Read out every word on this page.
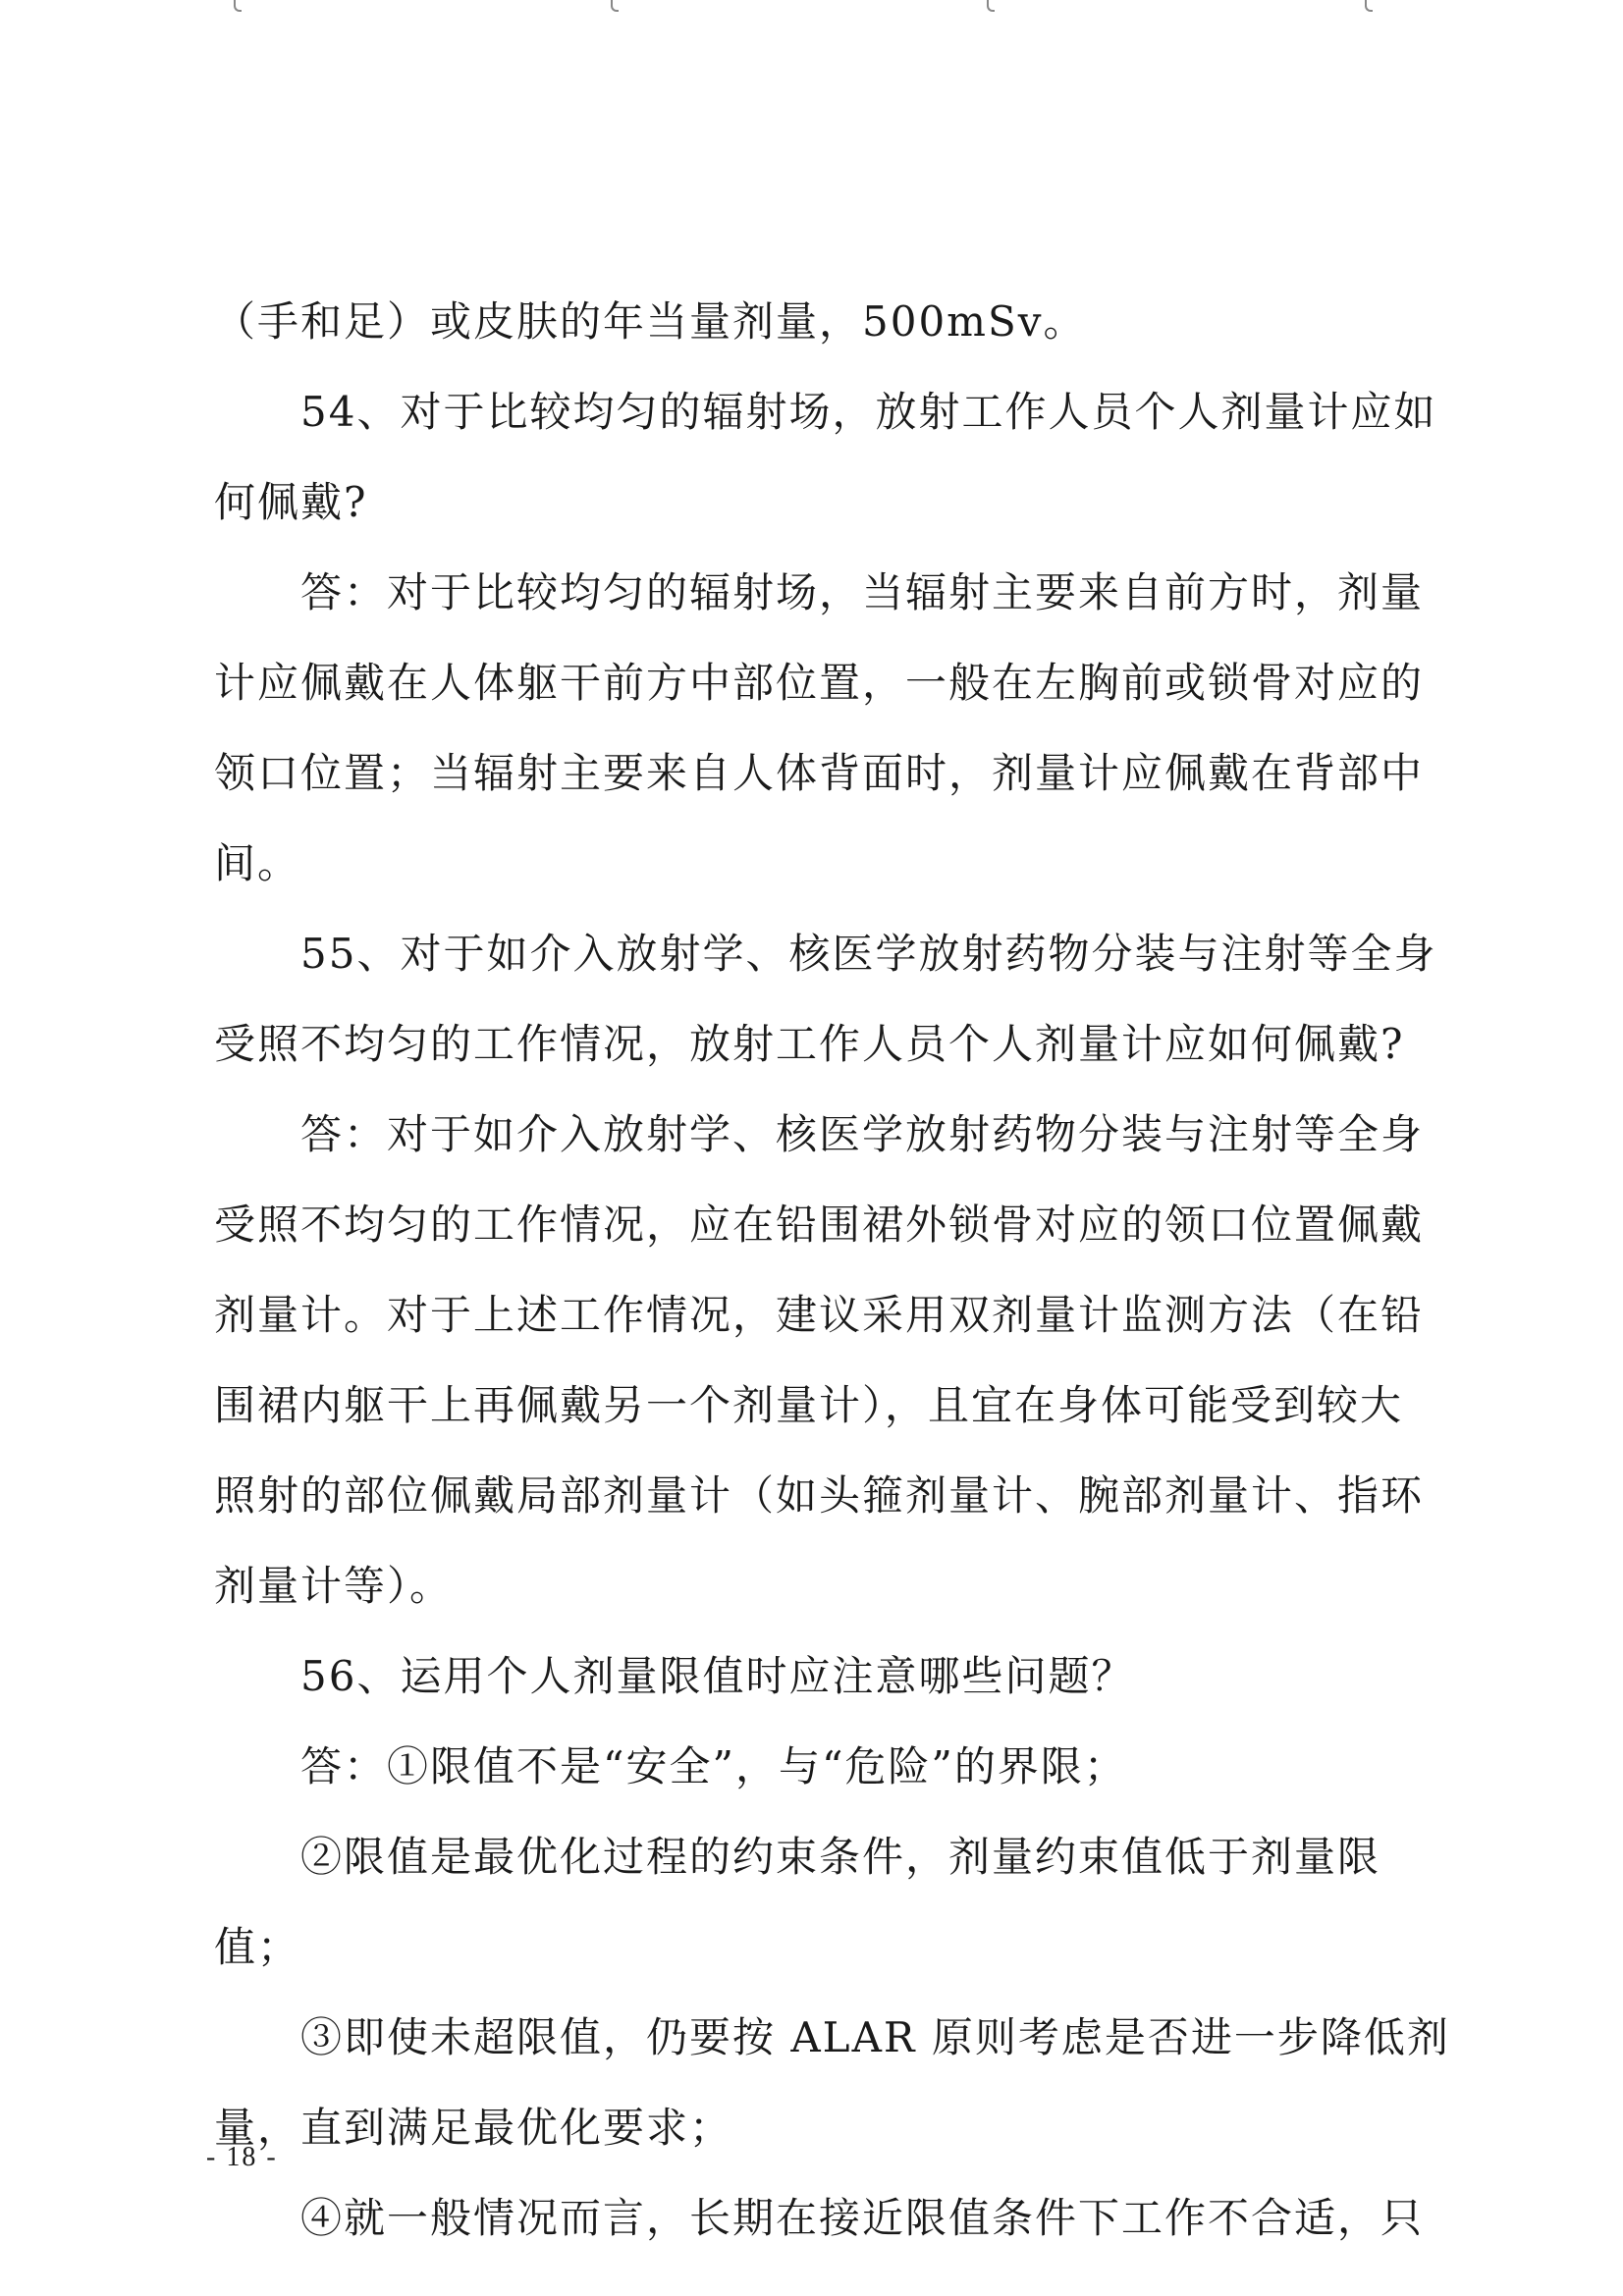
（手和足）或皮肤的年当量剂量，500mSv。
54、对于比较均匀的辐射场，放射工作人员个人剂量计应如
何佩戴?
答：对于比较均匀的辐射场，当辐射主要来自前方时，剂量
计应佩戴在人体躯干前方中部位置，一般在左胸前或锁骨对应的
领口位置；当辐射主要来自人体背面时，剂量计应佩戴在背部中
间。
55、对于如介入放射学、核医学放射药物分装与注射等全身
受照不均匀的工作情况，放射工作人员个人剂量计应如何佩戴?
答：对于如介入放射学、核医学放射药物分装与注射等全身
受照不均匀的工作情况，应在铅围裙外锁骨对应的领口位置佩戴
剂量计。对于上述工作情况，建议采用双剂量计监测方法（在铅
围裙内躯干上再佩戴另一个剂量计），且宜在身体可能受到较大
照射的部位佩戴局部剂量计（如头箍剂量计、腕部剂量计、指环
剂量计等）。
56、运用个人剂量限值时应注意哪些问题？
答：①限值不是“安全”，与“危险”的界限；
②限值是最优化过程的约束条件，剂量约束值低于剂量限
值；
③即使未超限值，仍要按 ALAR 原则考虑是否进一步降低剂
量，直到满足最优化要求；
④就一般情况而言，长期在接近限值条件下工作不合适，只
- 18 -
